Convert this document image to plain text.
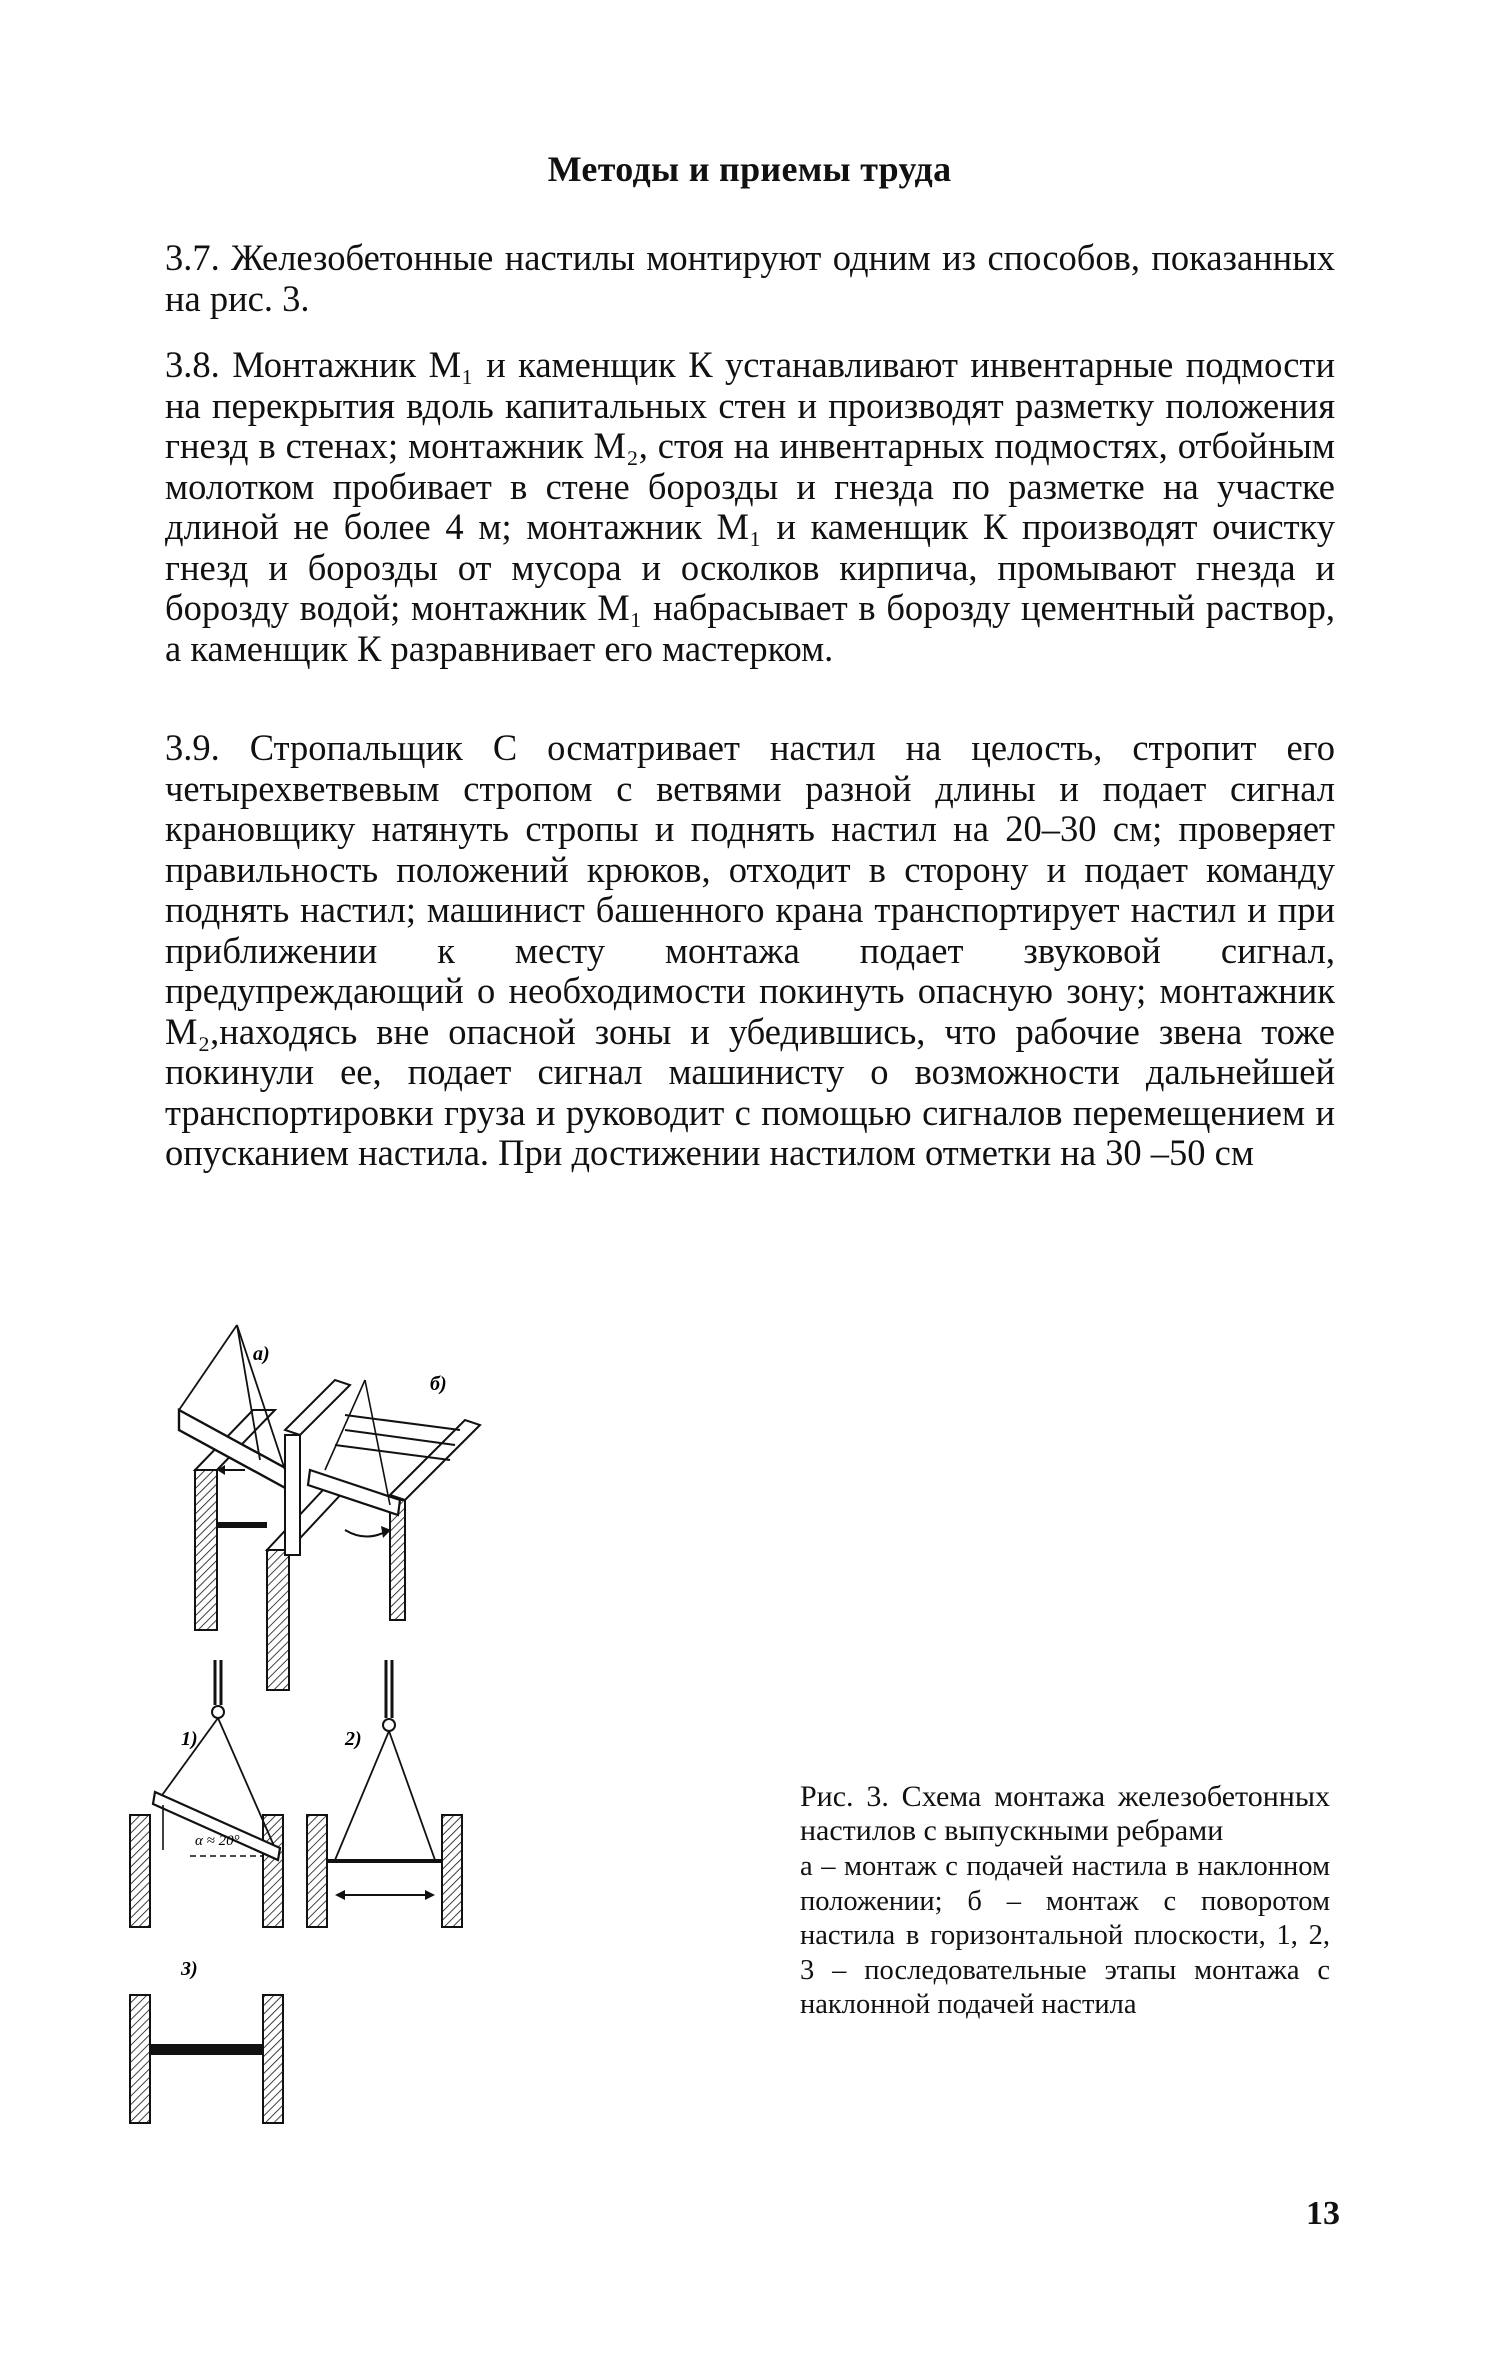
Методы и приемы труда
3.7. Железобетонные настилы монтируют одним из способов, показанных на рис. 3.
3.8. Монтажник М₁ и каменщик К устанавливают инвентарные подмости на перекрытия вдоль капитальных стен и производят разметку положения гнезд в стенах; монтажник М₂, стоя на инвентарных подмостях, отбойным молотком пробивает в стене борозды и гнезда по разметке на участке длиной не более 4 м; монтажник М₁ и каменщик К производят очистку гнезд и борозды от мусора и осколков кирпича, промывают гнезда и борозду водой; монтажник М₁ набрасывает в борозду цементный раствор, а каменщик К разравнивает его мастерком.
3.9. Стропальщик С осматривает настил на целость, стропит его четырехветвевым стропом с ветвями разной длины и подает сигнал крановщику натянуть стропы и поднять настил на 20–30 см; проверяет правильность положений крюков, отходит в сторону и подает команду поднять настил; машинист башенного крана транспортирует настил и при приближении к месту монтажа подает звуковой сигнал, предупреждающий о необходимости покинуть опасную зону; монтажник М₂,находясь вне опасной зоны и убедившись, что рабочие звена тоже покинули ее, подает сигнал машинисту о возможности дальнейшей транспортировки груза и руководит с помощью сигналов перемещением и опусканием настила. При достижении настилом отметки на 30 –50 см
а)
б)
1)
α ≈ 20°
2)
3)
Рис. 3. Схема монтажа железобетонных настилов с выпускными ребрами
а – монтаж с подачей настила в наклонном положении; б – монтаж с поворотом настила в горизонтальной плоскости, 1, 2, 3 – последовательные этапы монтажа с наклонной подачей настила
13
